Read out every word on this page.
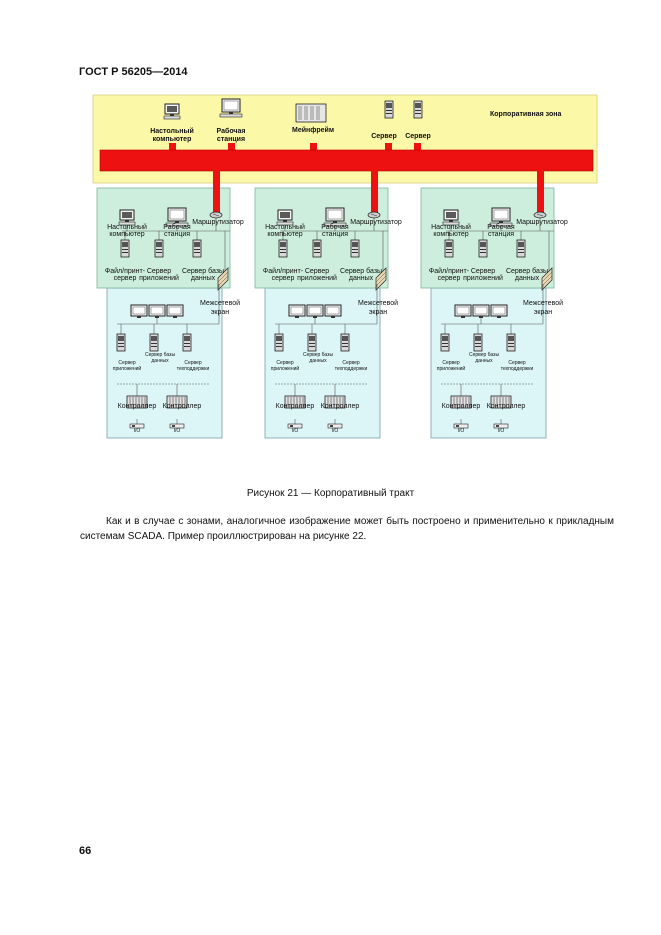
ГОСТ Р 56205—2014
Корпоративная зона
Настольный
компьютер
Рабочая
станция
Мейнфрейм
Сервер Сервер
Настольный
компьютер
Рабочая
станция
Маршрутизатор
Файл/принт-
сервер
Сервер
приложений
Сервер базы
данных
Межсетевой
экран
Сервер
приложений
Сервер базы
данных	Сервер
техподдержки
Контроллер Контроллер
I/O	I/O
Настольный
компьютер
Рабочая
станция
Маршрутизатор
Файл/принт-
сервер
Сервер
приложений
Сервер базы
данных
Межсетевой
экран
Сервер
приложений
Сервер базы
данных	Сервер
техподдержки
Контроллер Контроллер
I/O	I/O
Настольный
компьютер
Рабочая
станция
Маршрутизатор
Файл/принт-
сервер
Сервер
приложений
Сервер базы
данных
Межсетевой
экран
Сервер
приложений
Сервер базы
данных	Сервер
техподдержки
Контроллер Контроллер
I/O	I/O
Рисунок 21 — Корпоративный тракт
Как и в случае с зонами, аналогичное изображение может быть построено и применительно к прикладным системам SCADA. Пример проиллюстрирован на рисунке 22.
66
